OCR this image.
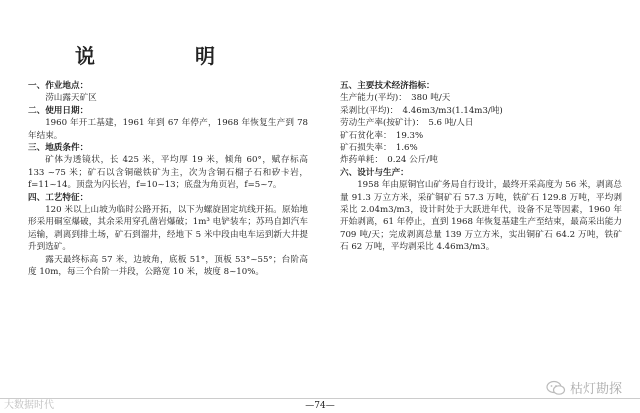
说　明
一、作业地点：
涝山露天矿区
二、使用日期：
1960 年开工基建，1961 年到 67 年停产，1968 年恢复生产到 78 年结束。
三、地质条件：
矿体为透镜状，长 425 米，平均厚 19 米，倾角 60°，赋存标高 133 ~75 米；矿石以含铜磁铁矿为主，次为含铜石榴子石和矽卡岩，f=11~14。顶盘为闪长岩，f=10~13；底盘为角页岩，f=5~7。
四、工艺特征：
120 米以上山坡为临时公路开拓，以下为螺旋固定坑线开拓。原始地形采用硐室爆破，其余采用穿孔凿岩爆破；1m³ 电铲装车；苏玛自卸汽车运输，剥离到排土场，矿石到溜井，经地下 5 米中段由电车运到新大井提升到选矿。
露天最终标高 57 米，边坡角，底板 51°，顶板 53°~55°；台阶高度 10m，每三个台阶一并段，公路宽 10 米，坡度 8~10%。
五、主要技术经济指标：
生产能力(平均)：　380 吨/天
采剥比(平均)：　4.46m3/m3(1.14m3/吨)
劳动生产率(按矿计)：　5.6 吨/人日
矿石贫化率：　19.3%
矿石损失率：　1.6%
炸药单耗：　0.24 公斤/吨
六、设计与生产：
1958 年由原铜官山矿务局自行设计，最终开采高度为 56 米，剥离总量 91.3 万立方米，采矿铜矿石 57.3 万吨，铁矿石 129.8 万吨，平均剥采比 2.04m3/m3，设计时处于大跃进年代，设备不足等因素，1960 年开始剥离，61 年停止，直到 1968 年恢复基建生产至结束，最高采出能力 709 吨/天；完成剥离总量 139 万立方米，实出铜矿石 64.2 万吨，铁矿石 62 万吨，平均剥采比 4.46m3/m3。
—74—
大数据时代
枯灯勘探
